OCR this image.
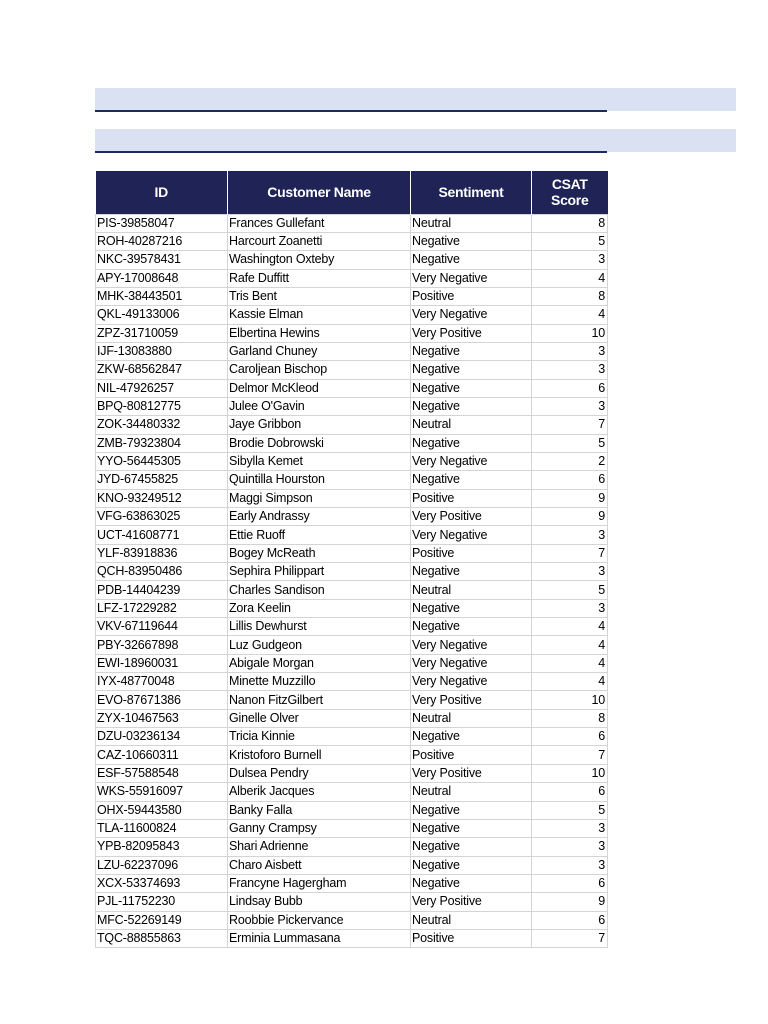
ID	Customer Name	Sentiment	CSAT Score
PIS-39858047	Frances Gullefant	Neutral	8
ROH-40287216	Harcourt Zoanetti	Negative	5
NKC-39578431	Washington Oxteby	Negative	3
APY-17008648	Rafe Duffitt	Very Negative	4
MHK-38443501	Tris Bent	Positive	8
QKL-49133006	Kassie Elman	Very Negative	4
ZPZ-31710059	Elbertina Hewins	Very Positive	10
IJF-13083880	Garland Chuney	Negative	3
ZKW-68562847	Caroljean Bischop	Negative	3
NIL-47926257	Delmor McKleod	Negative	6
BPQ-80812775	Julee O'Gavin	Negative	3
ZOK-34480332	Jaye Gribbon	Neutral	7
ZMB-79323804	Brodie Dobrowski	Negative	5
YYO-56445305	Sibylla Kemet	Very Negative	2
JYD-67455825	Quintilla Hourston	Negative	6
KNO-93249512	Maggi Simpson	Positive	9
VFG-63863025	Early Andrassy	Very Positive	9
UCT-41608771	Ettie Ruoff	Very Negative	3
YLF-83918836	Bogey McReath	Positive	7
QCH-83950486	Sephira Philippart	Negative	3
PDB-14404239	Charles Sandison	Neutral	5
LFZ-17229282	Zora Keelin	Negative	3
VKV-67119644	Lillis Dewhurst	Negative	4
PBY-32667898	Luz Gudgeon	Very Negative	4
EWI-18960031	Abigale Morgan	Very Negative	4
IYX-48770048	Minette Muzzillo	Very Negative	4
EVO-87671386	Nanon FitzGilbert	Very Positive	10
ZYX-10467563	Ginelle Olver	Neutral	8
DZU-03236134	Tricia Kinnie	Negative	6
CAZ-10660311	Kristoforo Burnell	Positive	7
ESF-57588548	Dulsea Pendry	Very Positive	10
WKS-55916097	Alberik Jacques	Neutral	6
OHX-59443580	Banky Falla	Negative	5
TLA-11600824	Ganny Crampsy	Negative	3
YPB-82095843	Shari Adrienne	Negative	3
LZU-62237096	Charo Aisbett	Negative	3
XCX-53374693	Francyne Hagergham	Negative	6
PJL-11752230	Lindsay Bubb	Very Positive	9
MFC-52269149	Roobbie Pickervance	Neutral	6
TQC-88855863	Erminia Lummasana	Positive	7
